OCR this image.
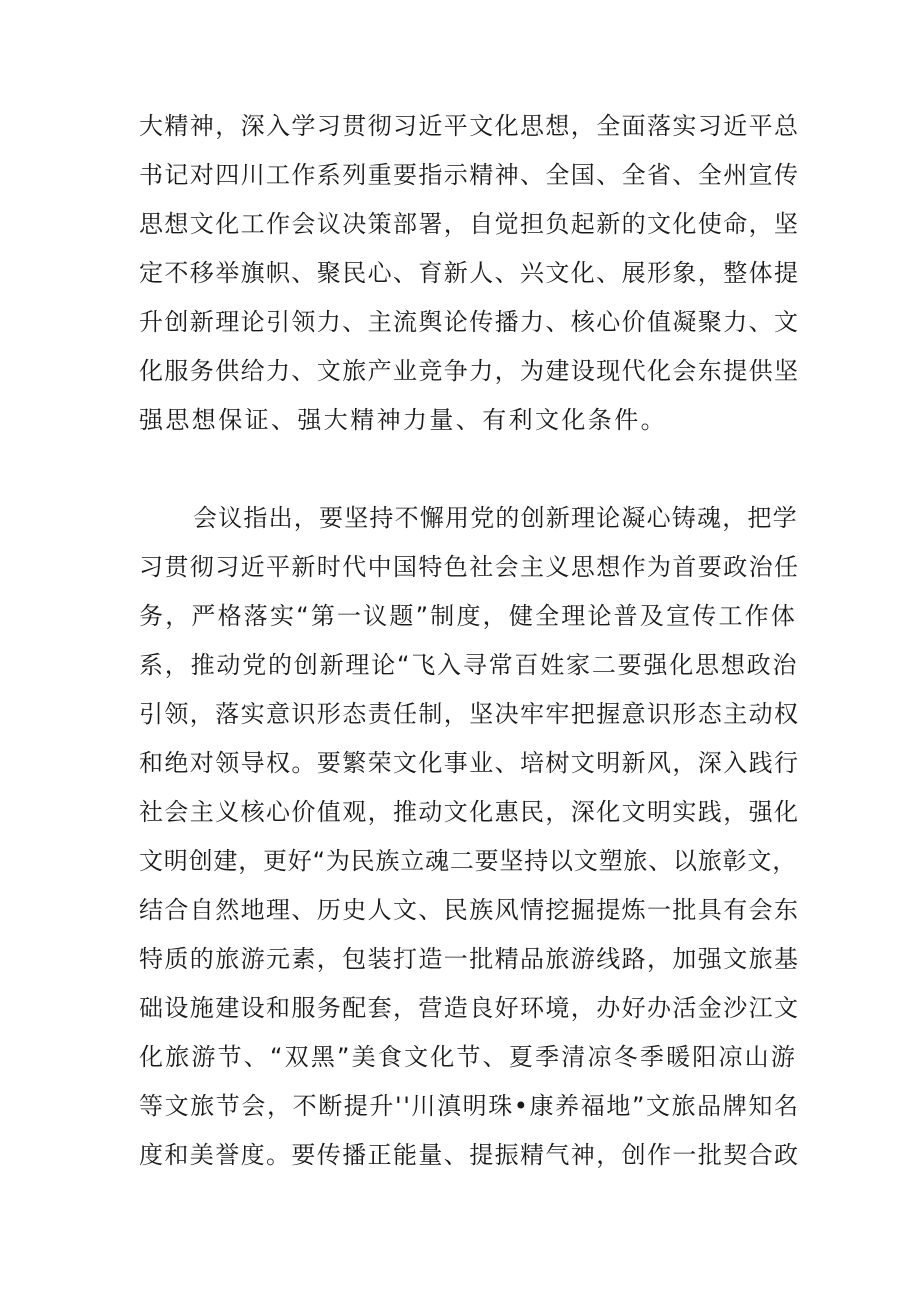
大精神，深入学习贯彻习近平文化思想，全面落实习近平总

书记对四川工作系列重要指示精神、全国、全省、全州宣传

思想文化工作会议决策部署，自觉担负起新的文化使命，坚

定不移举旗帜、聚民心、育新人、兴文化、展形象，整体提

升创新理论引领力、主流舆论传播力、核心价值凝聚力、文

化服务供给力、文旅产业竞争力，为建设现代化会东提供坚

强思想保证、强大精神力量、有利文化条件。

会议指出，要坚持不懈用党的创新理论凝心铸魂，把学

习贯彻习近平新时代中国特色社会主义思想作为首要政治任

务，严格落实“第一议题”制度，健全理论普及宣传工作体

系，推动党的创新理论“飞入寻常百姓家二要强化思想政治

引领，落实意识形态责任制，坚决牢牢把握意识形态主动权

和绝对领导权。要繁荣文化事业、培树文明新风，深入践行

社会主义核心价值观，推动文化惠民，深化文明实践，强化

文明创建，更好“为民族立魂二要坚持以文塑旅、以旅彰文，

结合自然地理、历史人文、民族风情挖掘提炼一批具有会东

特质的旅游元素，包装打造一批精品旅游线路，加强文旅基

础设施建设和服务配套，营造良好环境，办好办活金沙江文

化旅游节、“双黑”美食文化节、夏季清凉冬季暖阳凉山游

等文旅节会，不断提升''川滇明珠•康养福地”文旅品牌知名

度和美誉度。要传播正能量、提振精气神，创作一批契合政
